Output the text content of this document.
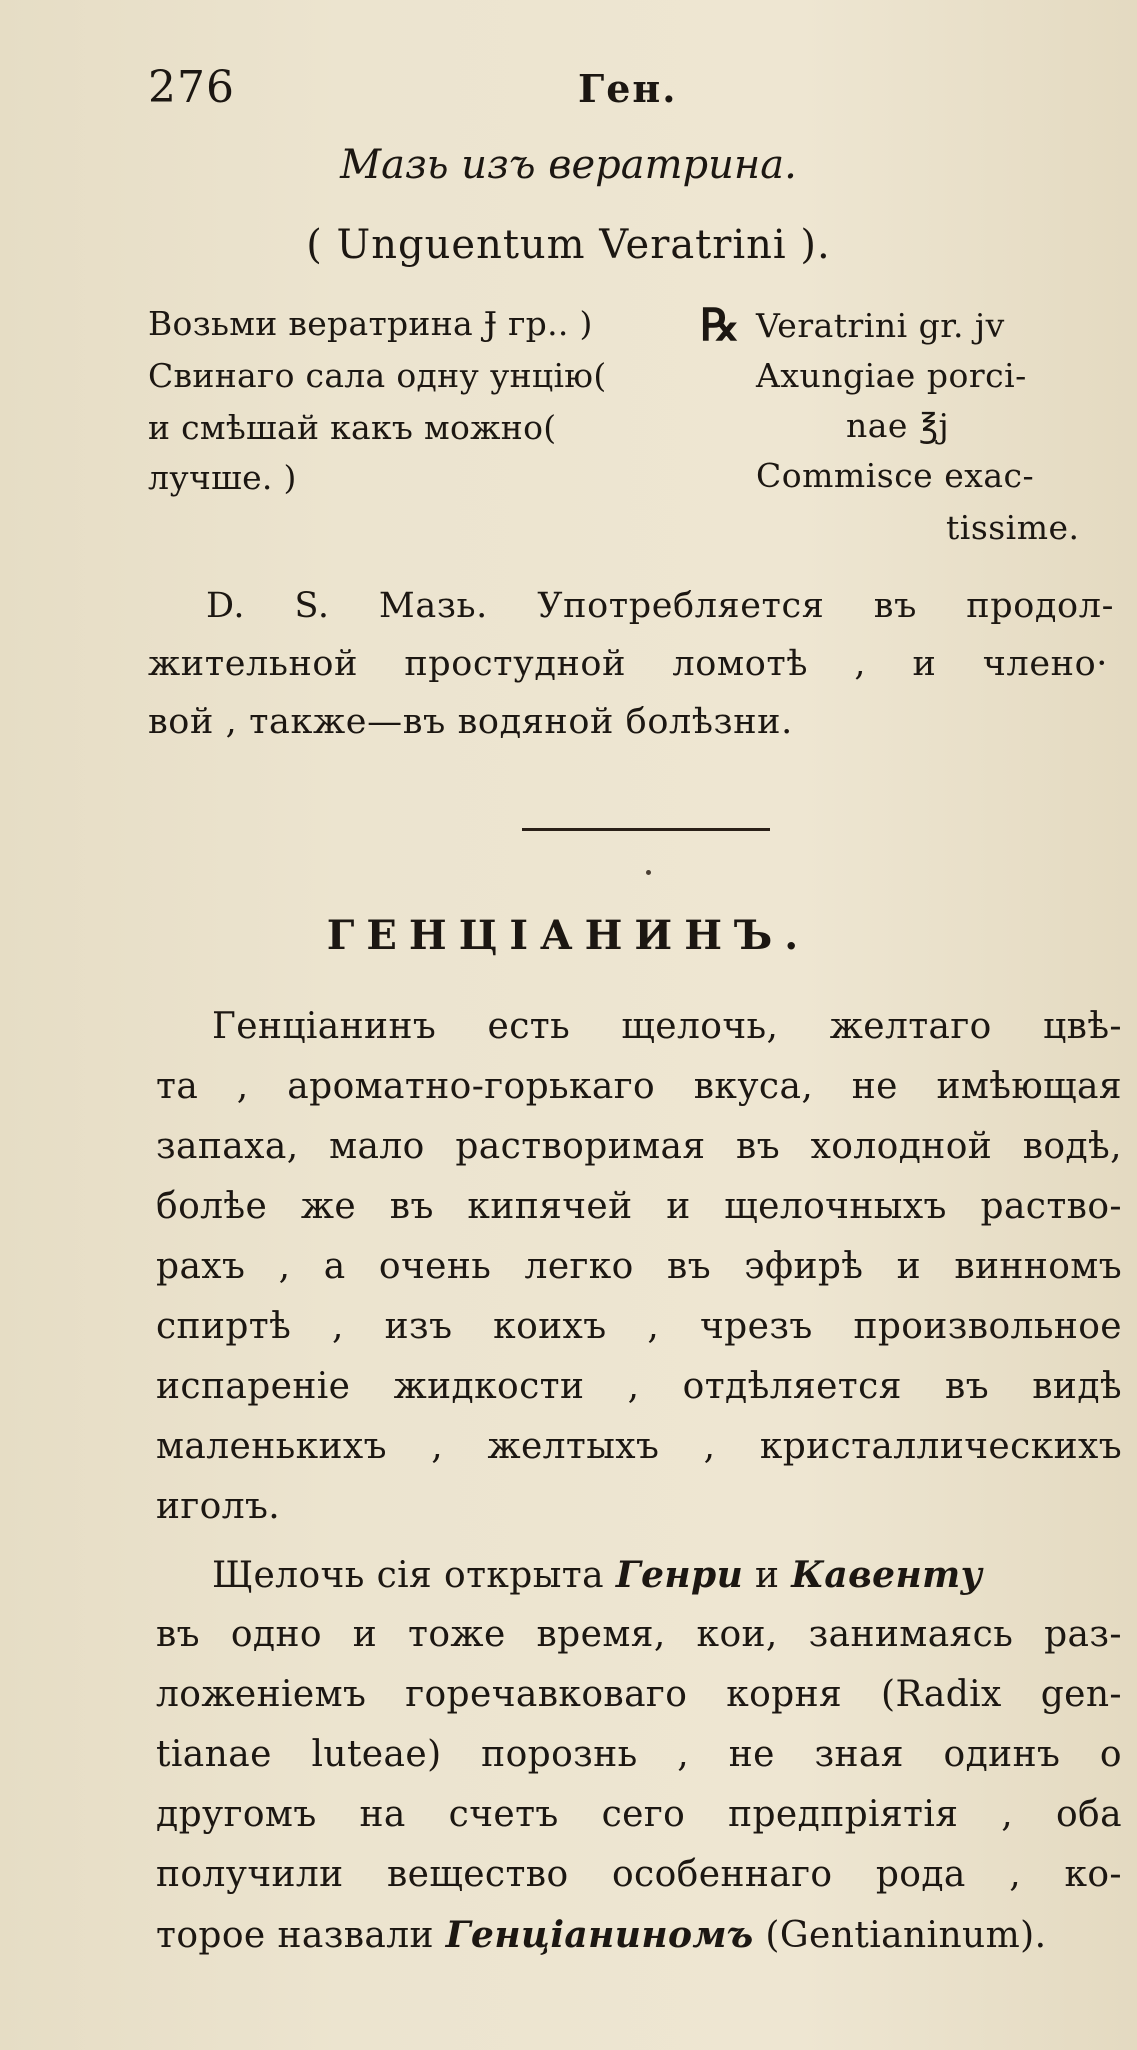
276	Ген.
Мазь изъ вератрина.
( Unguentum Veratrini ).
Возьми вератрина Ɉ гр.. )
Свинаго сала одну унцію(
и смѣшай какъ можно(
лучше. )
℞ Veratrini gr. jv
Axungiae porci-
nae ℥j
Commisce exac-
tissime.
D. S. Мазь. Употребляется въ продол-
жительной простудной ломотѣ , и члено·
вой , также—въ водяной болѣзни.
ГЕНЦІАНИНЪ.
Генціанинъ есть щелочь, желтаго цвѣ-
та , ароматно-горькаго вкуса, не имѣющая
запаха, мало растворимая въ холодной водѣ,
болѣе же въ кипячей и щелочныхъ раство-
рахъ , а очень легко въ эфирѣ и винномъ
спиртѣ , изъ коихъ , чрезъ произвольное
испареніе жидкости , отдѣляется въ видѣ
маленькихъ , желтыхъ , кристаллическихъ
иголъ.
Щелочь сія открыта Генри и Кавенту
въ одно и тоже время, кои, занимаясь раз-
ложеніемъ горечавковаго корня (Radix gen-
tianae luteae) порознь , не зная одинъ о
другомъ на счетъ сего предпріятія , оба
получили вещество особеннаго рода , ко-
торое назвали Генціаниномъ (Gentianinum).
